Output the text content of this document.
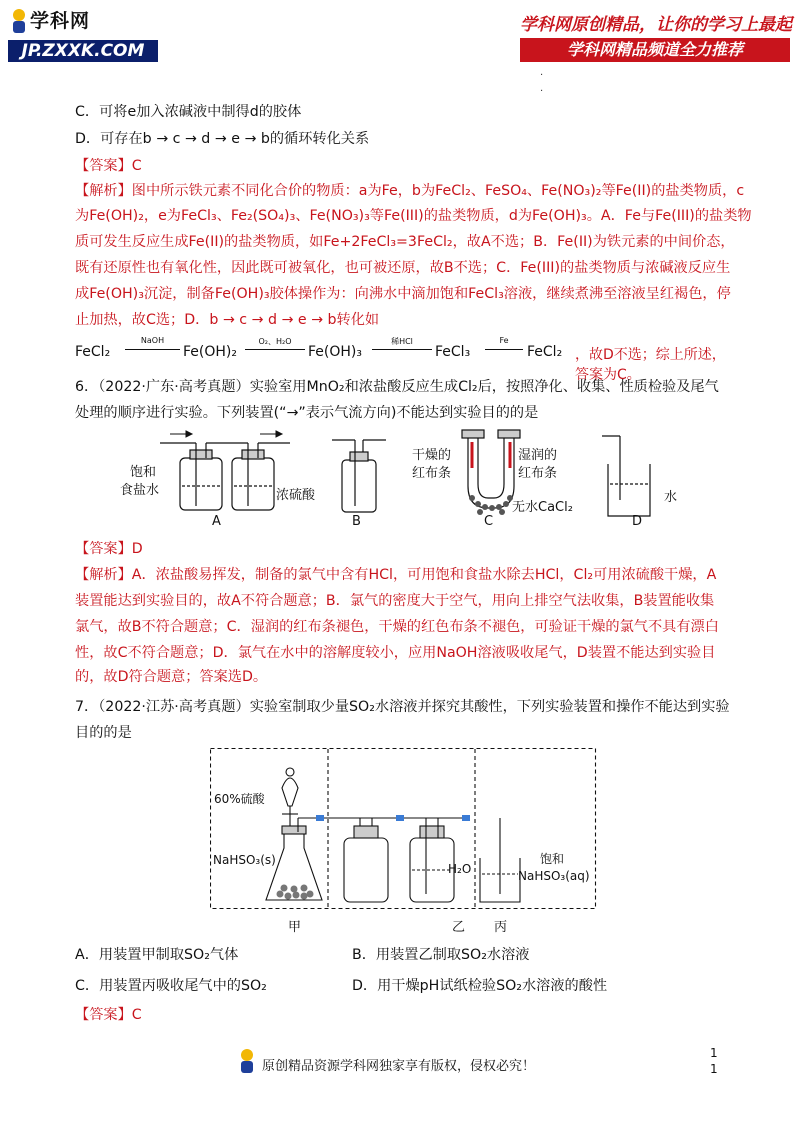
学科网
JP.ZXXK.COM
学科网原创精品，让你的学习上最起
学科网精品频道全力推荐
·
·
C．可将e加入浓碱液中制得d的胶体
D．可存在b → c → d → e → b的循环转化关系
【答案】C
【解析】图中所示铁元素不同化合价的物质：a为Fe，b为FeCl₂、FeSO₄、Fe(NO₃)₂等Fe(II)的盐类物质，c
为Fe(OH)₂，e为FeCl₃、Fe₂(SO₄)₃、Fe(NO₃)₃等Fe(III)的盐类物质，d为Fe(OH)₃。A．Fe与Fe(III)的盐类物
质可发生反应生成Fe(II)的盐类物质，如Fe+2FeCl₃=3FeCl₂，故A不选；B．Fe(II)为铁元素的中间价态，
既有还原性也有氧化性，因此既可被氧化，也可被还原，故B不选；C．Fe(III)的盐类物质与浓碱液反应生
成Fe(OH)₃沉淀，制备Fe(OH)₃胶体操作为：向沸水中滴加饱和FeCl₃溶液，继续煮沸至溶液呈红褐色，停
止加热，故C选；D．b → c → d → e → b转化如
FeCl₂
NaOH
Fe(OH)₂
O₂、H₂O
Fe(OH)₃
稀HCl
FeCl₃
Fe
FeCl₂ ，故D不选；综上所述，答案为C。
6．（2022·广东·高考真题）实验室用MnO₂和浓盐酸反应生成Cl₂后，按照净化、收集、性质检验及尾气
处理的顺序进行实验。下列装置(“→”表示气流方向)不能达到实验目的的是
饱和
食盐水	浓硫酸
干燥的
红布条
湿润的
红布条
无水CaCl₂
水
A	B	C	D
【答案】D
【解析】A．浓盐酸易挥发，制备的氯气中含有HCl，可用饱和食盐水除去HCl，Cl₂可用浓硫酸干燥，A
装置能达到实验目的，故A不符合题意；B．氯气的密度大于空气，用向上排空气法收集，B装置能收集
氯气，故B不符合题意；C．湿润的红布条褪色，干燥的红色布条不褪色，可验证干燥的氯气不具有漂白
性，故C不符合题意；D．氯气在水中的溶解度较小，应用NaOH溶液吸收尾气，D装置不能达到实验目
的，故D符合题意；答案选D。
7．（2022·江苏·高考真题）实验室制取少量SO₂水溶液并探究其酸性，下列实验装置和操作不能达到实验
目的的是
60%硫酸
NaHSO₃(s)
H₂O
饱和
NaHSO₃(aq)
甲	乙 丙
A．用装置甲制取SO₂气体	B．用装置乙制取SO₂水溶液
C．用装置丙吸收尾气中的SO₂	D．用干燥pH试纸检验SO₂水溶液的酸性
【答案】C
原创精品资源学科网独家享有版权，侵权必究！
1
1
